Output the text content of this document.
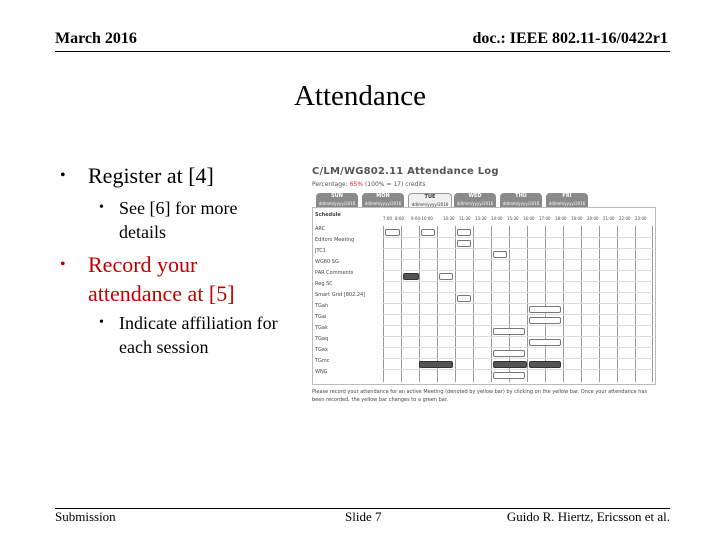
March 2016	doc.: IEEE 802.11-16/0422r1
Attendance
• Register at [4]
• See [6] for more details
• Record your attendance at [5]
• Indicate affiliation for each session
C/LM/WG802.11 Attendance Log
Percentage: 65% (100% = 17) credits
SUN
dd/mm/yyyy/2016
MON
dd/mm/yyyy/2016
TUE
dd/mm/yyyy/2016
WED
dd/mm/yyyy/2016
THU
dd/mm/yyyy/2016
FRI
dd/mm/yyyy/2016
Schedule
ARC
Editors Meeting
JTC1
WG60 SG
PAR Comments
Reg SC
Smart Grid [802.24]
TGah
TGai
TGak
TGaq
TGax
TGmc
WNG
7:00 8:00 9:00-10:00	10:30 11:30 13:30 14:00 15:30 16:00 17:00 18:00 19:00 20:00 21:00 22:00 23:00
Please record your attendance for an active Meeting (denoted by yellow bar) by clicking on the yellow bar. Once your attendance has been recorded, the yellow bar changes to a green bar.
Submission	Slide 7	Guido R. Hiertz, Ericsson et al.
